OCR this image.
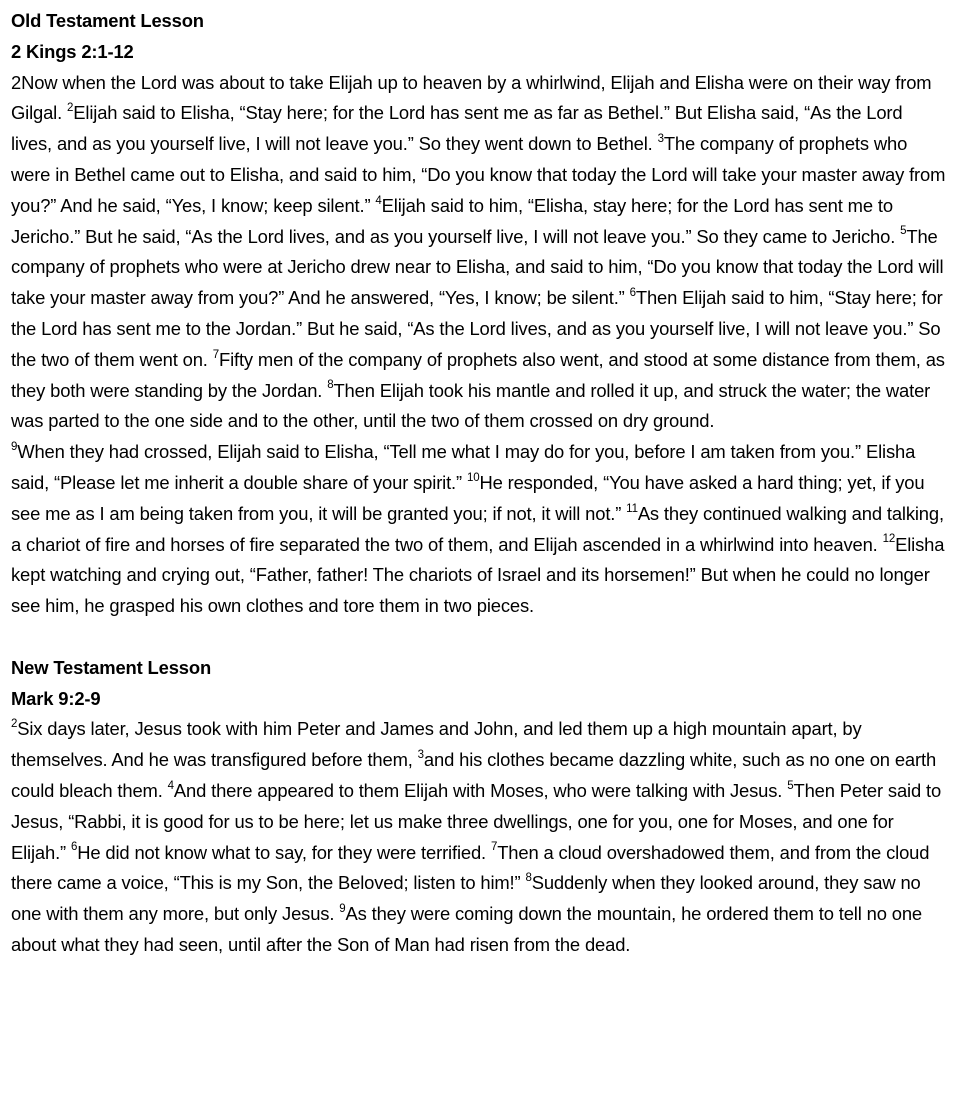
Old Testament Lesson
2 Kings 2:1-12

2Now when the Lord was about to take Elijah up to heaven by a whirlwind, Elijah and Elisha were on their way from Gilgal. $^2$Elijah said to Elisha, “Stay here; for the Lord has sent me as far as Bethel.” But Elisha said, “As the Lord lives, and as you yourself live, I will not leave you.” So they went down to Bethel. $^3$The company of prophets who were in Bethel came out to Elisha, and said to him, “Do you know that today the Lord will take your master away from you?” And he said, “Yes, I know; keep silent.” $^4$Elijah said to him, “Elisha, stay here; for the Lord has sent me to Jericho.” But he said, “As the Lord lives, and as you yourself live, I will not leave you.” So they came to Jericho. $^5$The company of prophets who were at Jericho drew near to Elisha, and said to him, “Do you know that today the Lord will take your master away from you?” And he answered, “Yes, I know; be silent.” $^6$Then Elijah said to him, “Stay here; for the Lord has sent me to the Jordan.” But he said, “As the Lord lives, and as you yourself live, I will not leave you.” So the two of them went on. $^7$Fifty men of the company of prophets also went, and stood at some distance from them, as they both were standing by the Jordan. $^8$Then Elijah took his mantle and rolled it up, and struck the water; the water was parted to the one side and to the other, until the two of them crossed on dry ground.

$^9$When they had crossed, Elijah said to Elisha, “Tell me what I may do for you, before I am taken from you.” Elisha said, “Please let me inherit a double share of your spirit.” $^{10}$He responded, “You have asked a hard thing; yet, if you see me as I am being taken from you, it will be granted you; if not, it will not.” $^{11}$As they continued walking and talking, a chariot of fire and horses of fire separated the two of them, and Elijah ascended in a whirlwind into heaven. $^{12}$Elisha kept watching and crying out, “Father, father! The chariots of Israel and its horsemen!” But when he could no longer see him, he grasped his own clothes and tore them in two pieces.

New Testament Lesson
Mark 9:2-9

$^2$Six days later, Jesus took with him Peter and James and John, and led them up a high mountain apart, by themselves. And he was transfigured before them, $^3$and his clothes became dazzling white, such as no one on earth could bleach them. $^4$And there appeared to them Elijah with Moses, who were talking with Jesus. $^5$Then Peter said to Jesus, “Rabbi, it is good for us to be here; let us make three dwellings, one for you, one for Moses, and one for Elijah.” $^6$He did not know what to say, for they were terrified. $^7$Then a cloud overshadowed them, and from the cloud there came a voice, “This is my Son, the Beloved; listen to him!” $^8$Suddenly when they looked around, they saw no one with them any more, but only Jesus. $^9$As they were coming down the mountain, he ordered them to tell no one about what they had seen, until after the Son of Man had risen from the dead.
